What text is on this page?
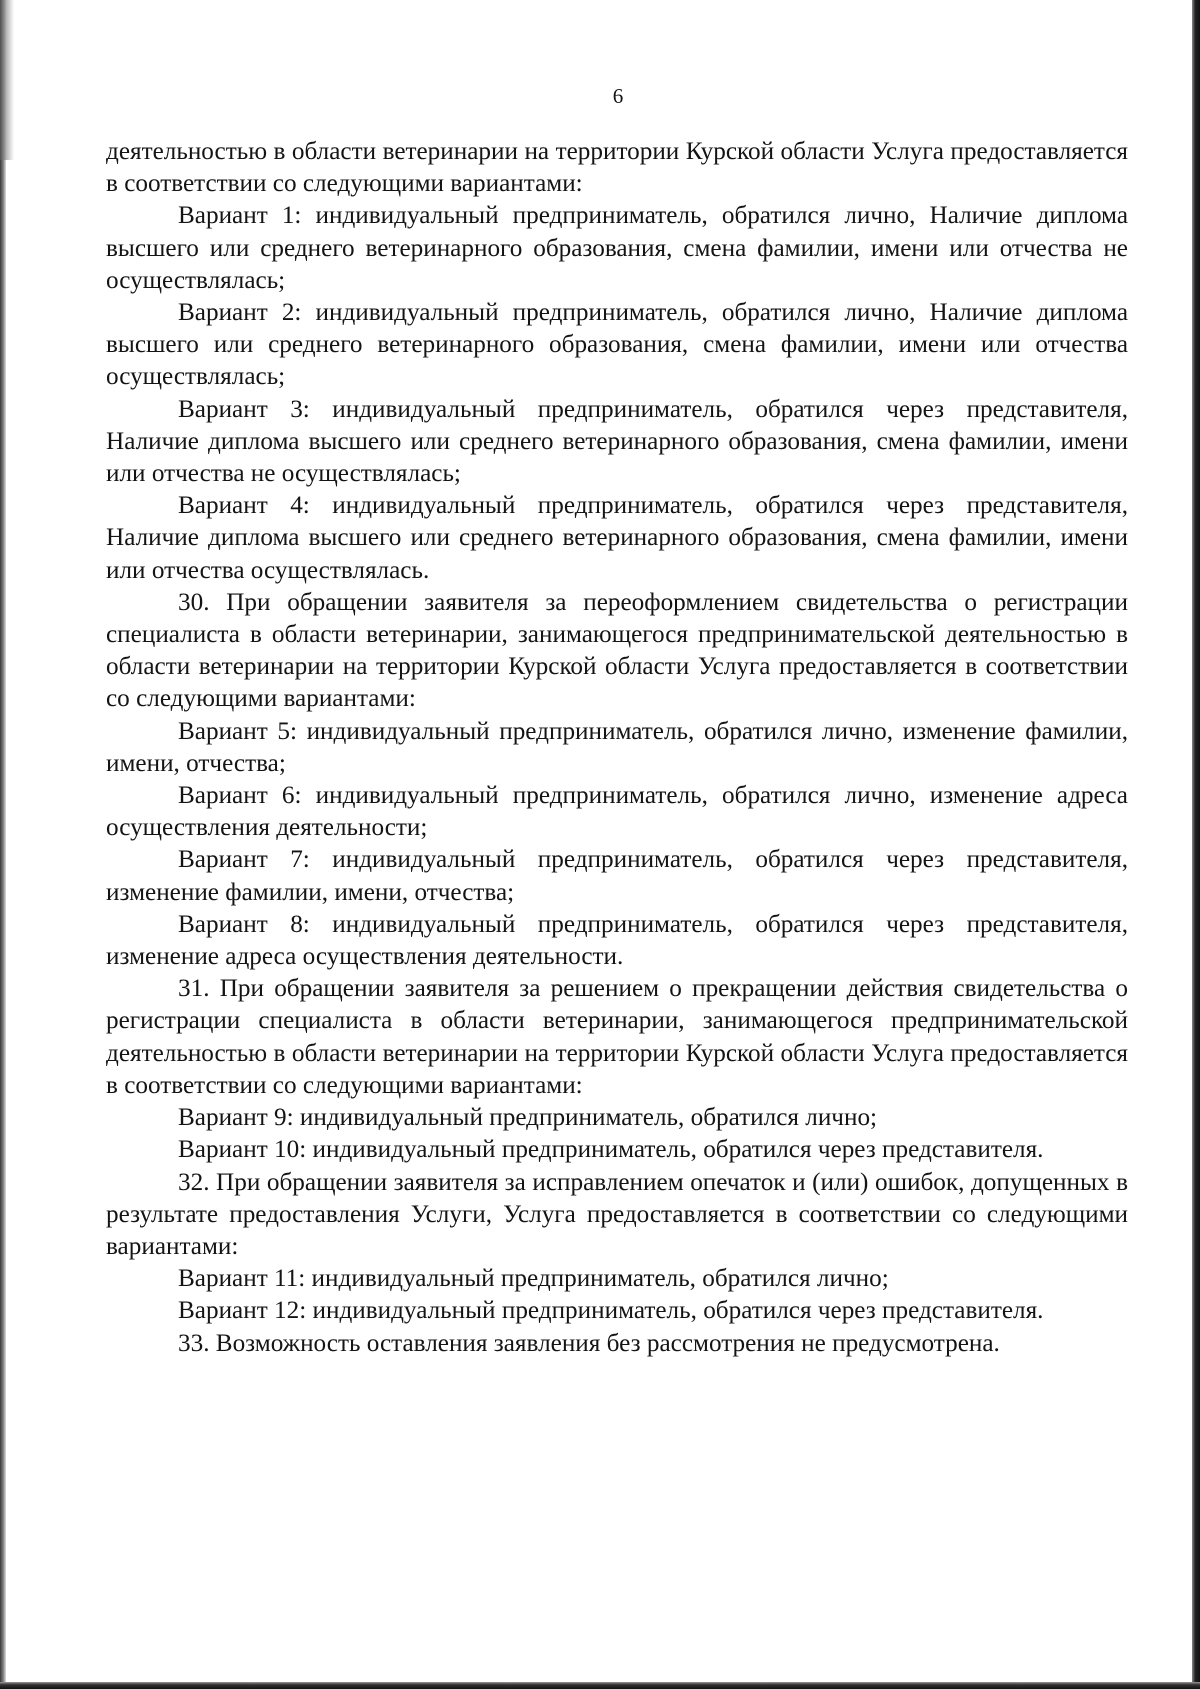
6

деятельностью в области ветеринарии на территории Курской области Услуга предоставляется в соответствии со следующими вариантами:

Вариант 1: индивидуальный предприниматель, обратился лично, Наличие диплома высшего или среднего ветеринарного образования, смена фамилии, имени или отчества не осуществлялась;

Вариант 2: индивидуальный предприниматель, обратился лично, Наличие диплома высшего или среднего ветеринарного образования, смена фамилии, имени или отчества осуществлялась;

Вариант 3: индивидуальный предприниматель, обратился через представителя, Наличие диплома высшего или среднего ветеринарного образования, смена фамилии, имени или отчества не осуществлялась;

Вариант 4: индивидуальный предприниматель, обратился через представителя, Наличие диплома высшего или среднего ветеринарного образования, смена фамилии, имени или отчества осуществлялась.

30. При обращении заявителя за переоформлением свидетельства о регистрации специалиста в области ветеринарии, занимающегося предпринимательской деятельностью в области ветеринарии на территории Курской области Услуга предоставляется в соответствии со следующими вариантами:

Вариант 5: индивидуальный предприниматель, обратился лично, изменение фамилии, имени, отчества;

Вариант 6: индивидуальный предприниматель, обратился лично, изменение адреса осуществления деятельности;

Вариант 7: индивидуальный предприниматель, обратился через представителя, изменение фамилии, имени, отчества;

Вариант 8: индивидуальный предприниматель, обратился через представителя, изменение адреса осуществления деятельности.

31. При обращении заявителя за решением о прекращении действия свидетельства о регистрации специалиста в области ветеринарии, занимающегося предпринимательской деятельностью в области ветеринарии на территории Курской области Услуга предоставляется в соответствии со следующими вариантами:

Вариант 9: индивидуальный предприниматель, обратился лично;

Вариант 10: индивидуальный предприниматель, обратился через представителя.

32. При обращении заявителя за исправлением опечаток и (или) ошибок, допущенных в результате предоставления Услуги, Услуга предоставляется в соответствии со следующими вариантами:

Вариант 11: индивидуальный предприниматель, обратился лично;

Вариант 12: индивидуальный предприниматель, обратился через представителя.

33. Возможность оставления заявления без рассмотрения не предусмотрена.
